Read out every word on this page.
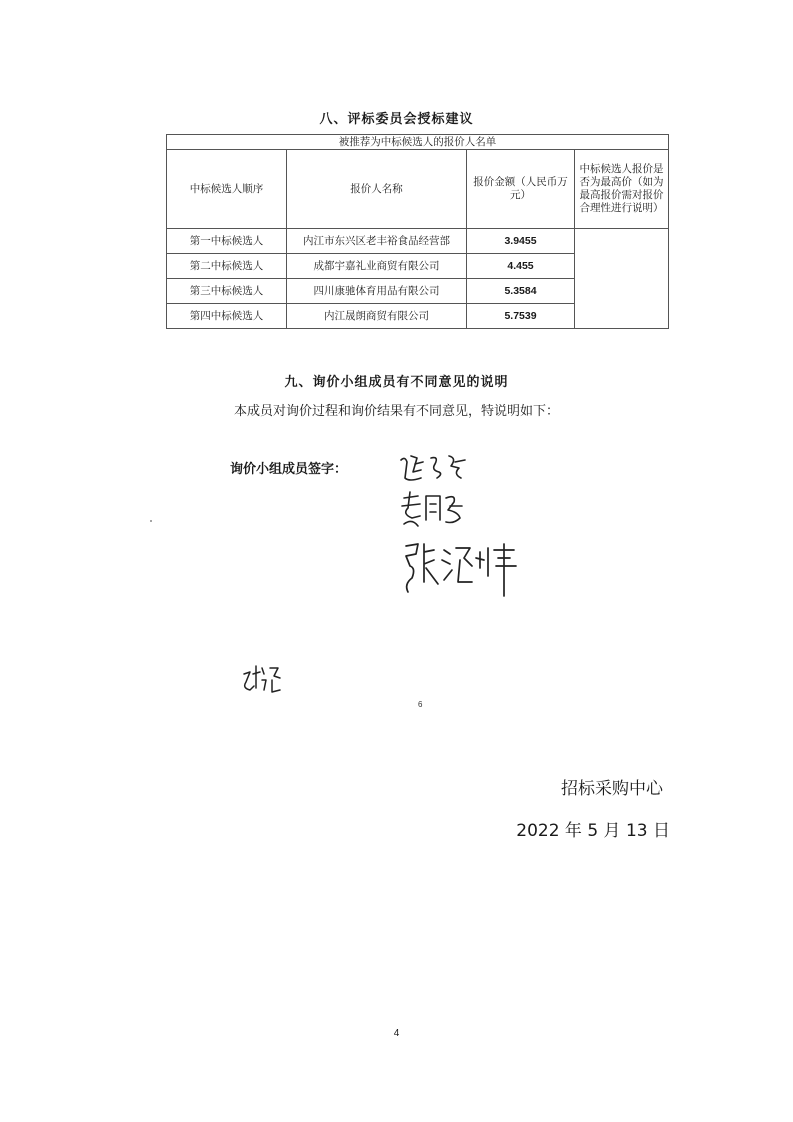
八、评标委员会授标建议
被推荐为中标候选人的报价人名单			
中标候选人顺序	报价人名称	报价金额（人民币万元）	中标候选人报价是否为最高价（如为最高报价需对报价合理性进行说明）
第一中标候选人	内江市东兴区老丰裕食品经营部	3.9455	
第二中标候选人	成都宇嘉礼业商贸有限公司	4.455	
第三中标候选人	四川康驰体育用品有限公司	5.3584	
第四中标候选人	内江晟朗商贸有限公司	5.7539	
九、询价小组成员有不同意见的说明
本成员对询价过程和询价结果有不同意见，特说明如下：
询价小组成员签字：
6
招标采购中心
2022 年 5 月 13 日
4
